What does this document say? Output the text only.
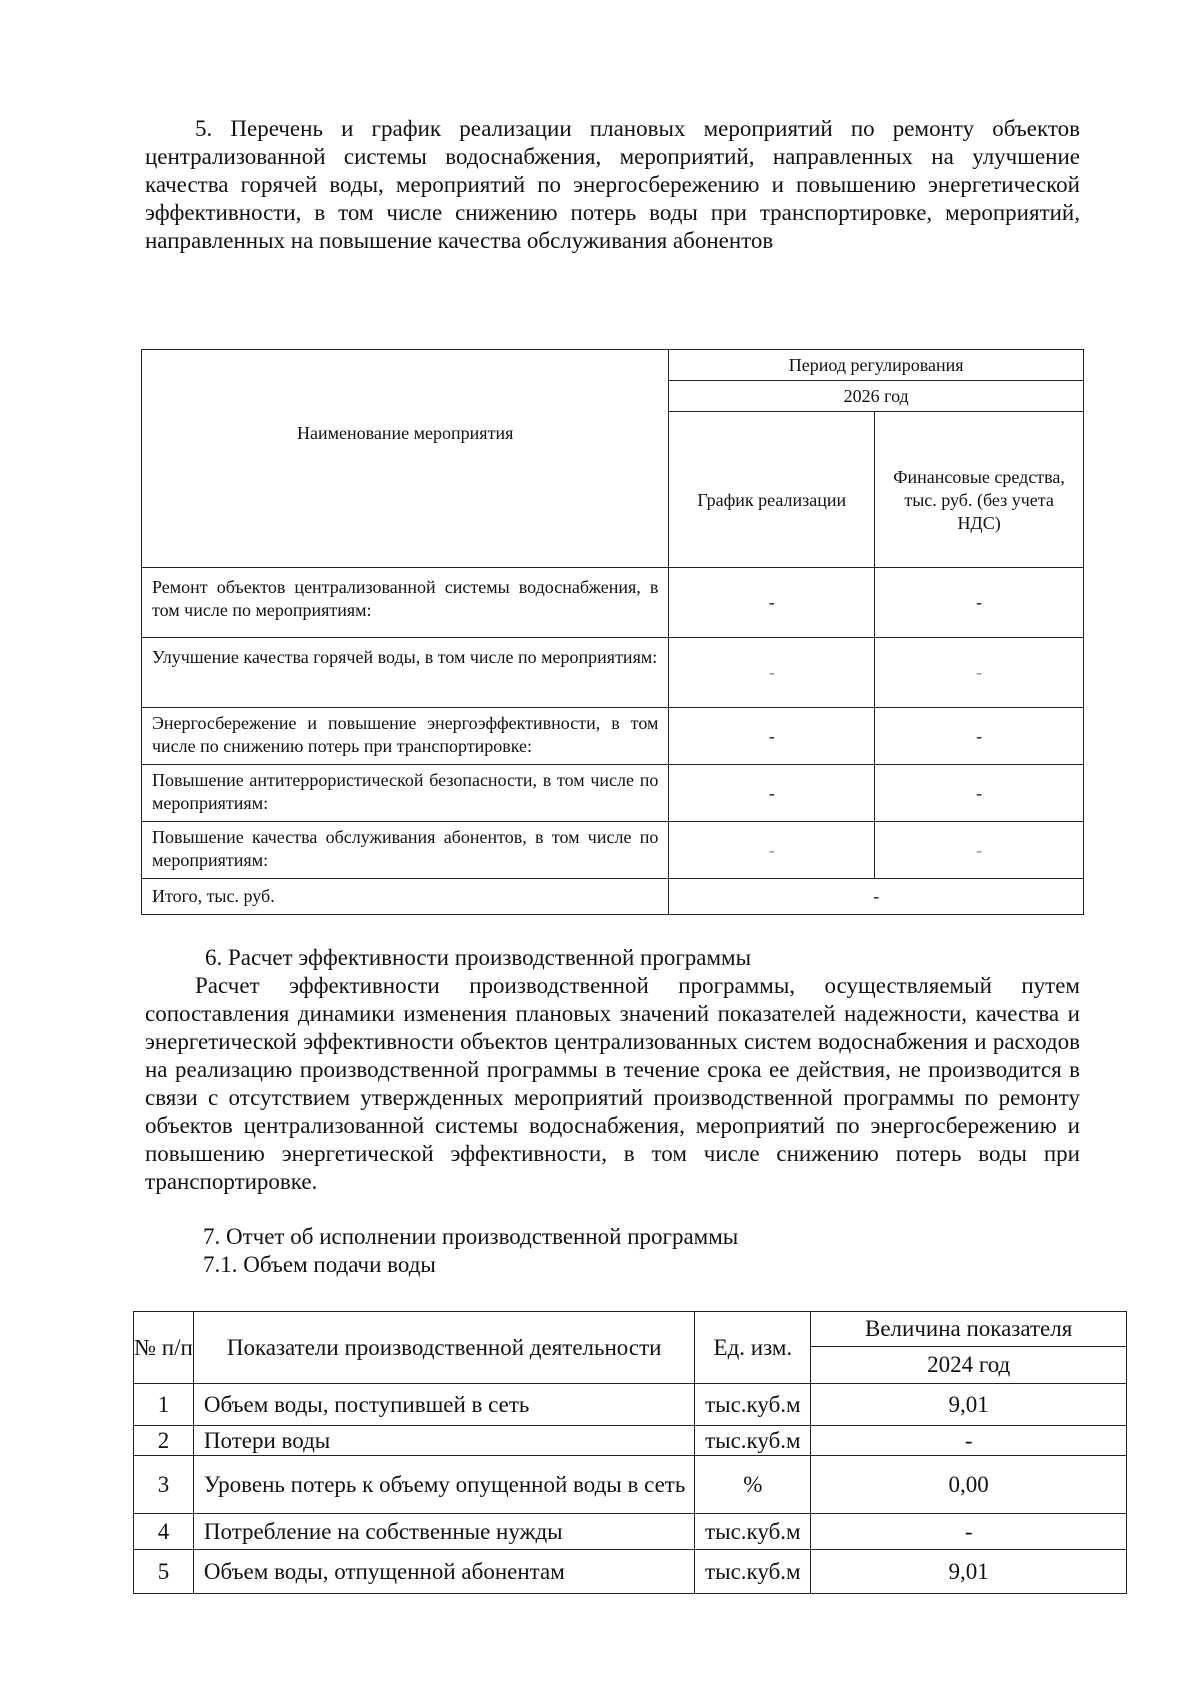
5. Перечень и график реализации плановых мероприятий по ремонту объектов централизованной системы водоснабжения, мероприятий, направленных на улучшение качества горячей воды, мероприятий по энергосбережению и повышению энергетической эффективности, в том числе снижению потерь воды при транспортировке, мероприятий, направленных на повышение качества обслуживания абонентов
Наименование мероприятия	Период регулирования	
	2026 год	
	График реализации	Финансовые средства, тыс. руб. (без учета НДС)
Ремонт объектов централизованной системы водоснабжения, в том числе по мероприятиям:	-	-
Улучшение качества горячей воды, в том числе по мероприятиям:	-	-
Энергосбережение и повышение энергоэффективности, в том числе по снижению потерь при транспортировке:	-	-
Повышение антитеррористической безопасности, в том числе по мероприятиям:	-	-
Повышение качества обслуживания абонентов, в том числе по мероприятиям:	-	-
Итого, тыс. руб.	-	
6. Расчет эффективности производственной программы
Расчет эффективности производственной программы, осуществляемый путем сопоставления динамики изменения плановых значений показателей надежности, качества и энергетической эффективности объектов централизованных систем водоснабжения и расходов на реализацию производственной программы в течение срока ее действия, не производится в связи с отсутствием утвержденных мероприятий производственной программы по ремонту объектов централизованной системы водоснабжения, мероприятий по энергосбережению и повышению энергетической эффективности, в том числе снижению потерь воды при транспортировке.
7. Отчет об исполнении производственной программы
7.1. Объем подачи воды
№ п/п	Показатели производственной деятельности	Ед. изм.	Величина показателя
			2024 год
1	Объем воды, поступившей в сеть	тыс.куб.м	9,01
2	Потери воды	тыс.куб.м	-
3	Уровень потерь к объему опущенной воды в сеть	%	0,00
4	Потребление на собственные нужды	тыс.куб.м	-
5	Объем воды, отпущенной абонентам	тыс.куб.м	9,01
